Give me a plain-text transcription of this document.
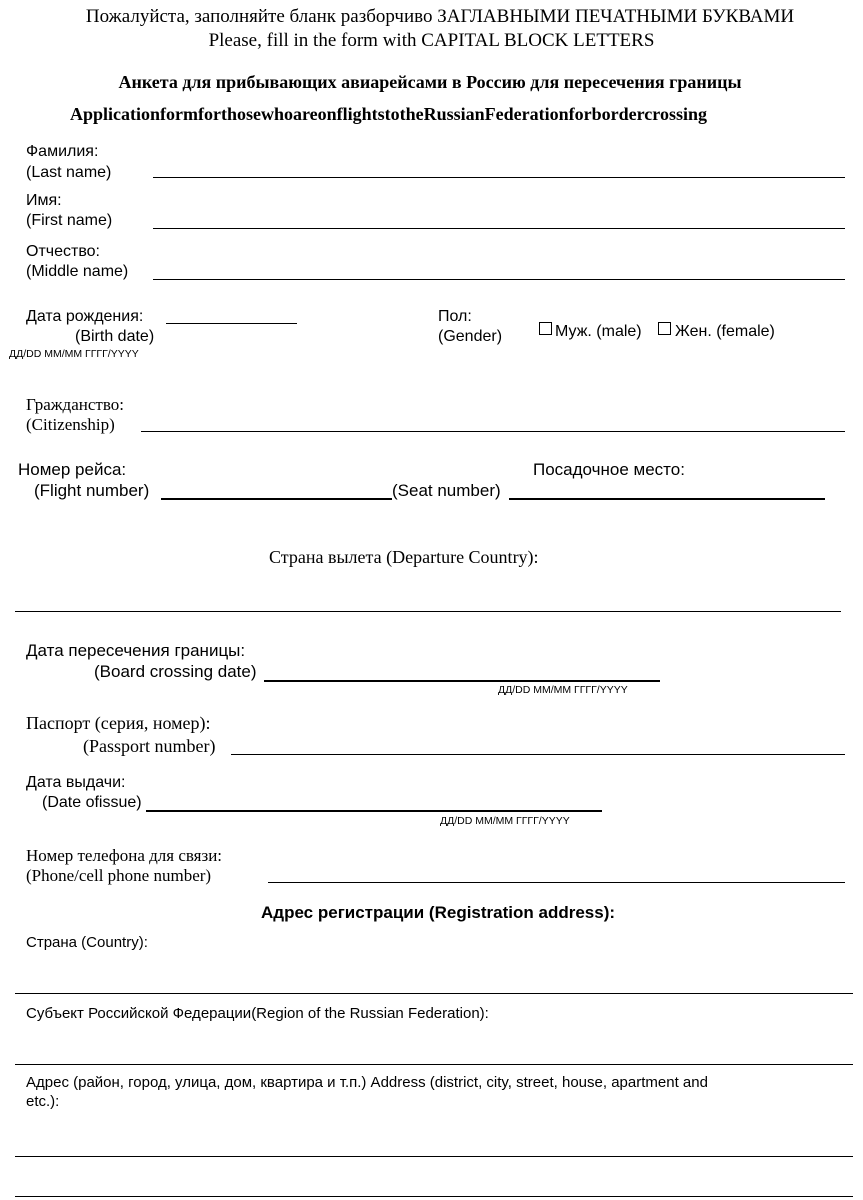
Пожалуйста, заполняйте бланк разборчиво ЗАГЛАВНЫМИ ПЕЧАТНЫМИ БУКВАМИ
Please, fill in the form with CAPITAL BLOCK LETTERS
Анкета для прибывающих авиарейсами в Россию для пересечения границы
Applicationformforthosewhoareonflightstothe​RussianFederationforbordercrossing
Фамилия:
(Last name)
Имя:
(First name)
Отчество:
(Middle name)
Дата рождения:
(Birth date)
ДД/DD ММ/MM ГГГГ/YYYY
Пол:
(Gender)	Муж. (male) Жен. (female)
Гражданство:
(Citizenship)
Номер рейса:
(Flight number)
Посадочное место:
(Seat number)
Страна вылета (Departure Country):
Дата пересечения границы:
(Board crossing date)
ДД/DD ММ/MM ГГГГ/YYYY
Паспорт (серия, номер):
(Passport number)
Дата выдачи:
(Date ofissue)
ДД/DD ММ/MM ГГГГ/YYYY
Номер телефона для связи:
(Phone/cell phone number)
Адрес регистрации (Registration address):
Страна (Country):
Субъект Российской Федерации(Region of the Russian Federation):
Адрес (район, город, улица, дом, квартира и т.п.) Address (district, city, street, house, apartment and
etc.):
